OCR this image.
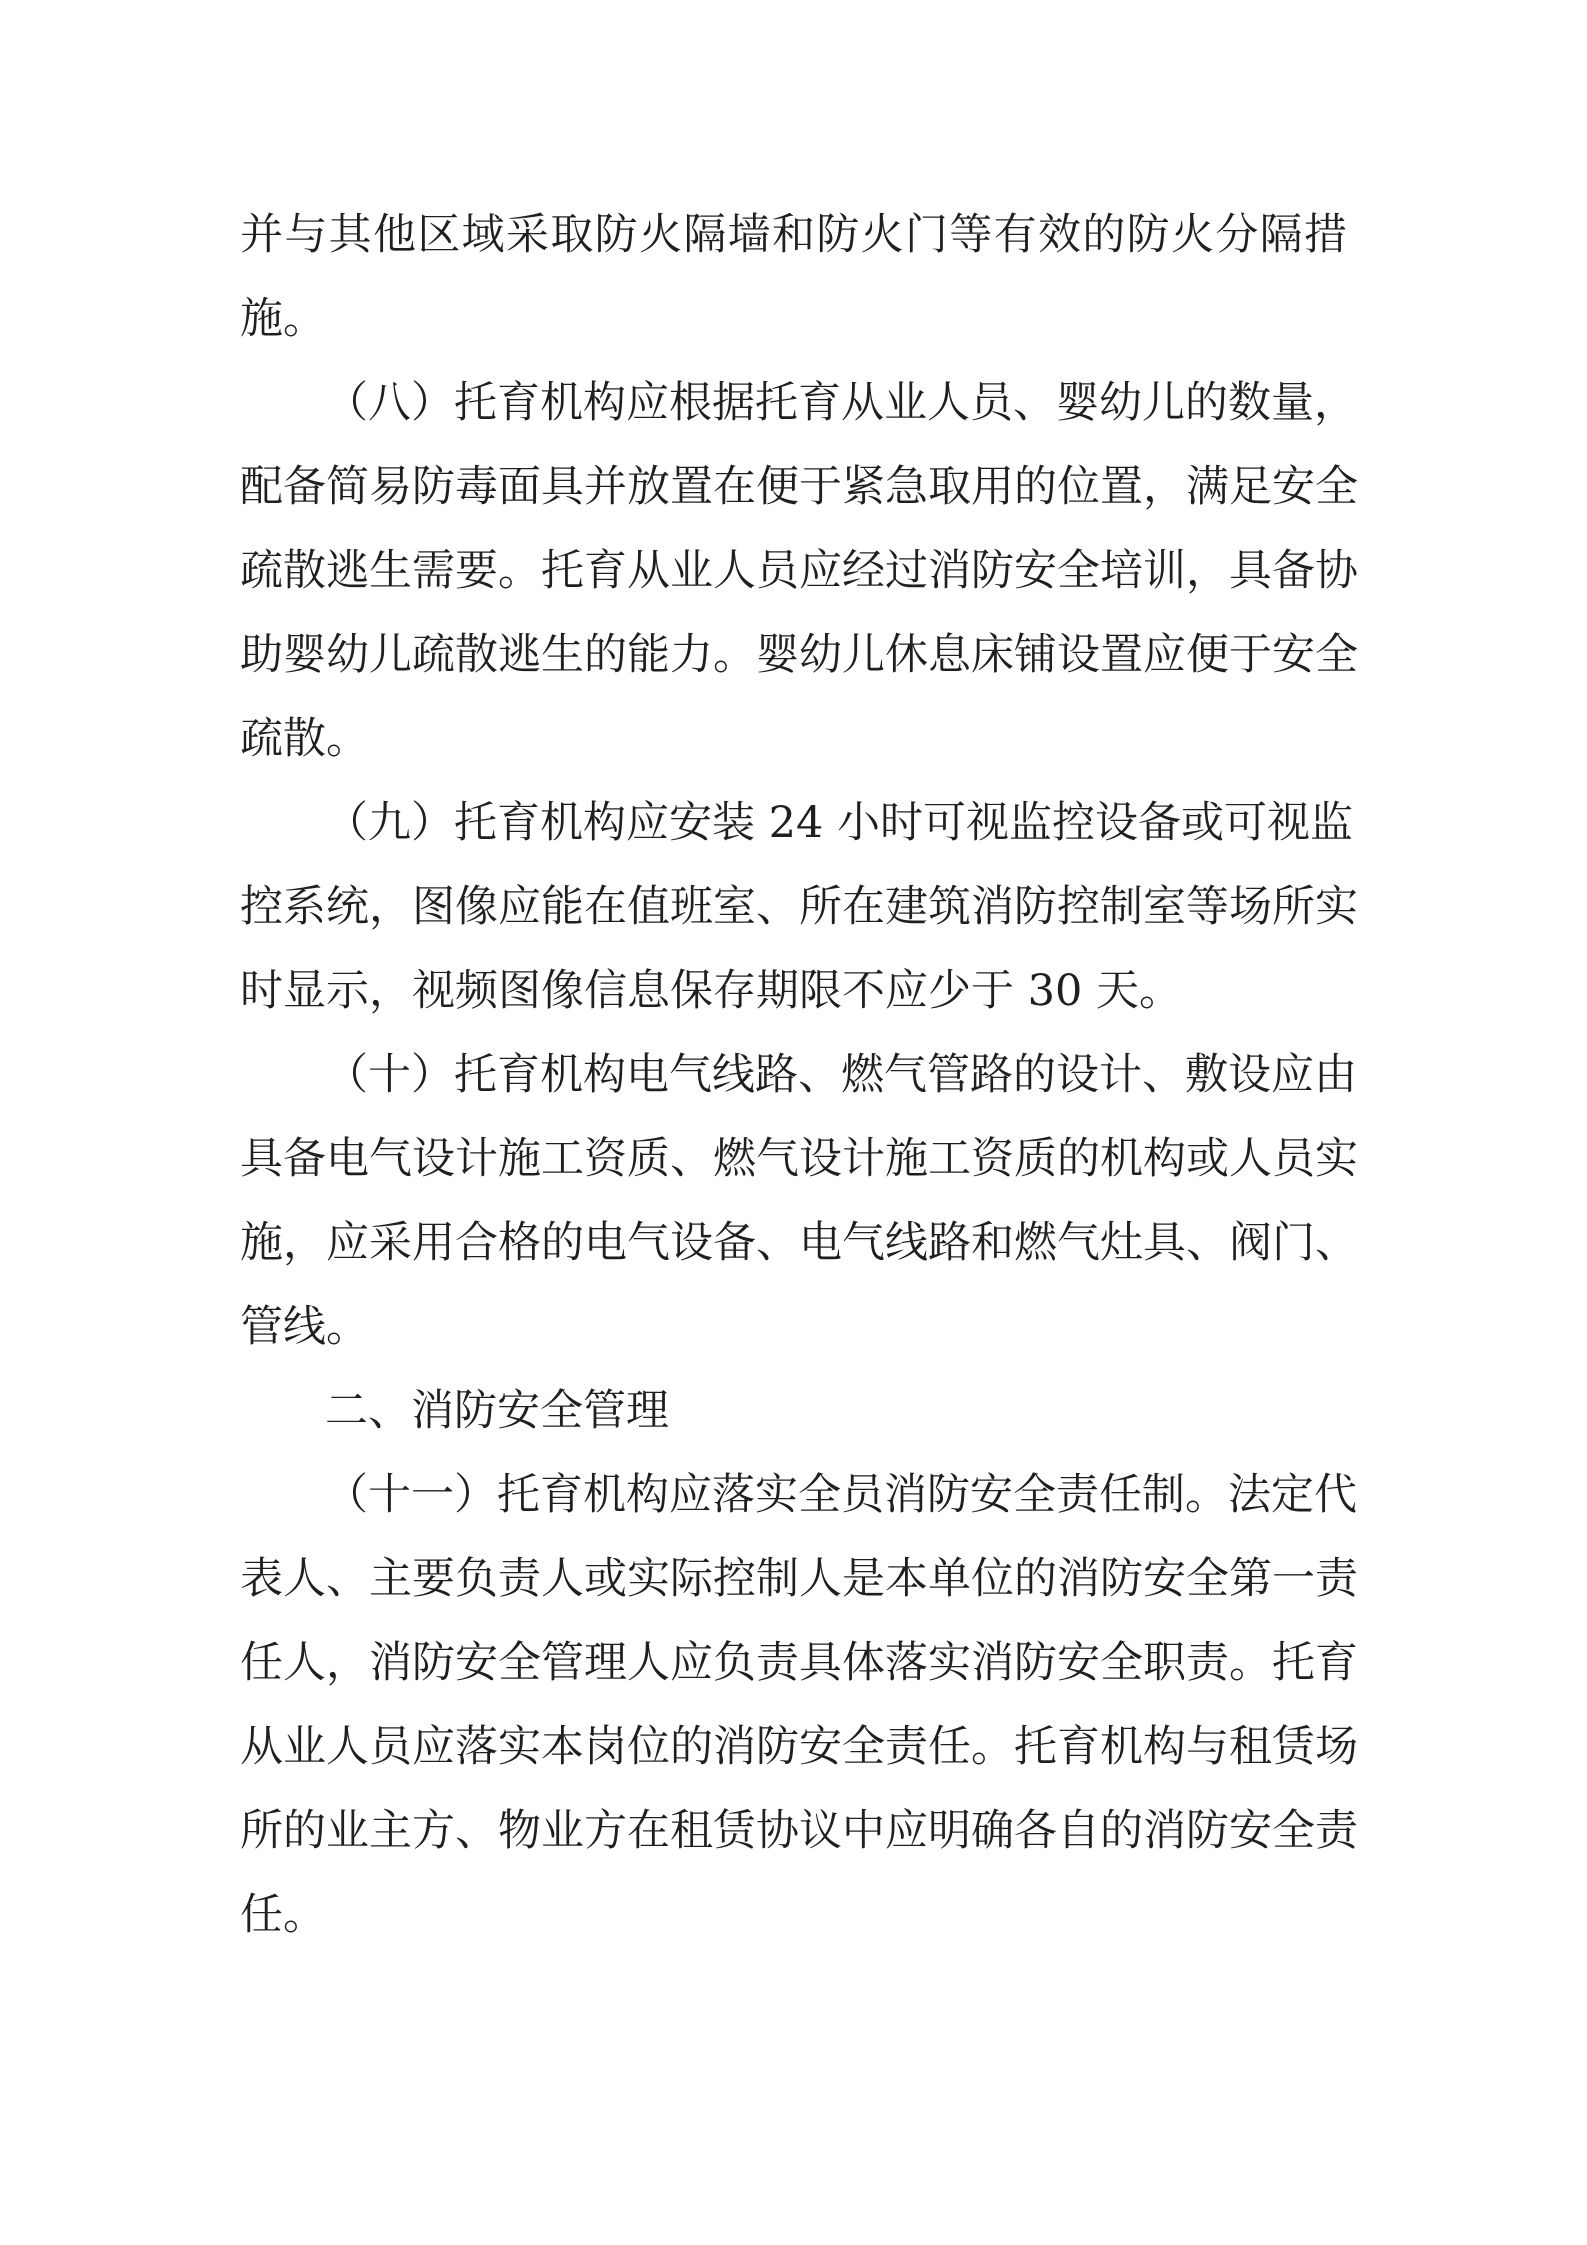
并与其他区域采取防火隔墙和防火门等有效的防火分隔措

施。

（八）托育机构应根据托育从业人员、婴幼儿的数量，

配备简易防毒面具并放置在便于紧急取用的位置，满足安全

疏散逃生需要。托育从业人员应经过消防安全培训，具备协

助婴幼儿疏散逃生的能力。婴幼儿休息床铺设置应便于安全

疏散。

（九）托育机构应安装 24 小时可视监控设备或可视监

控系统，图像应能在值班室、所在建筑消防控制室等场所实

时显示，视频图像信息保存期限不应少于 30 天。

（十）托育机构电气线路、燃气管路的设计、敷设应由

具备电气设计施工资质、燃气设计施工资质的机构或人员实

施，应采用合格的电气设备、电气线路和燃气灶具、阀门、

管线。

二、消防安全管理

（十一）托育机构应落实全员消防安全责任制。法定代

表人、主要负责人或实际控制人是本单位的消防安全第一责

任人，消防安全管理人应负责具体落实消防安全职责。托育

从业人员应落实本岗位的消防安全责任。托育机构与租赁场

所的业主方、物业方在租赁协议中应明确各自的消防安全责

任。
